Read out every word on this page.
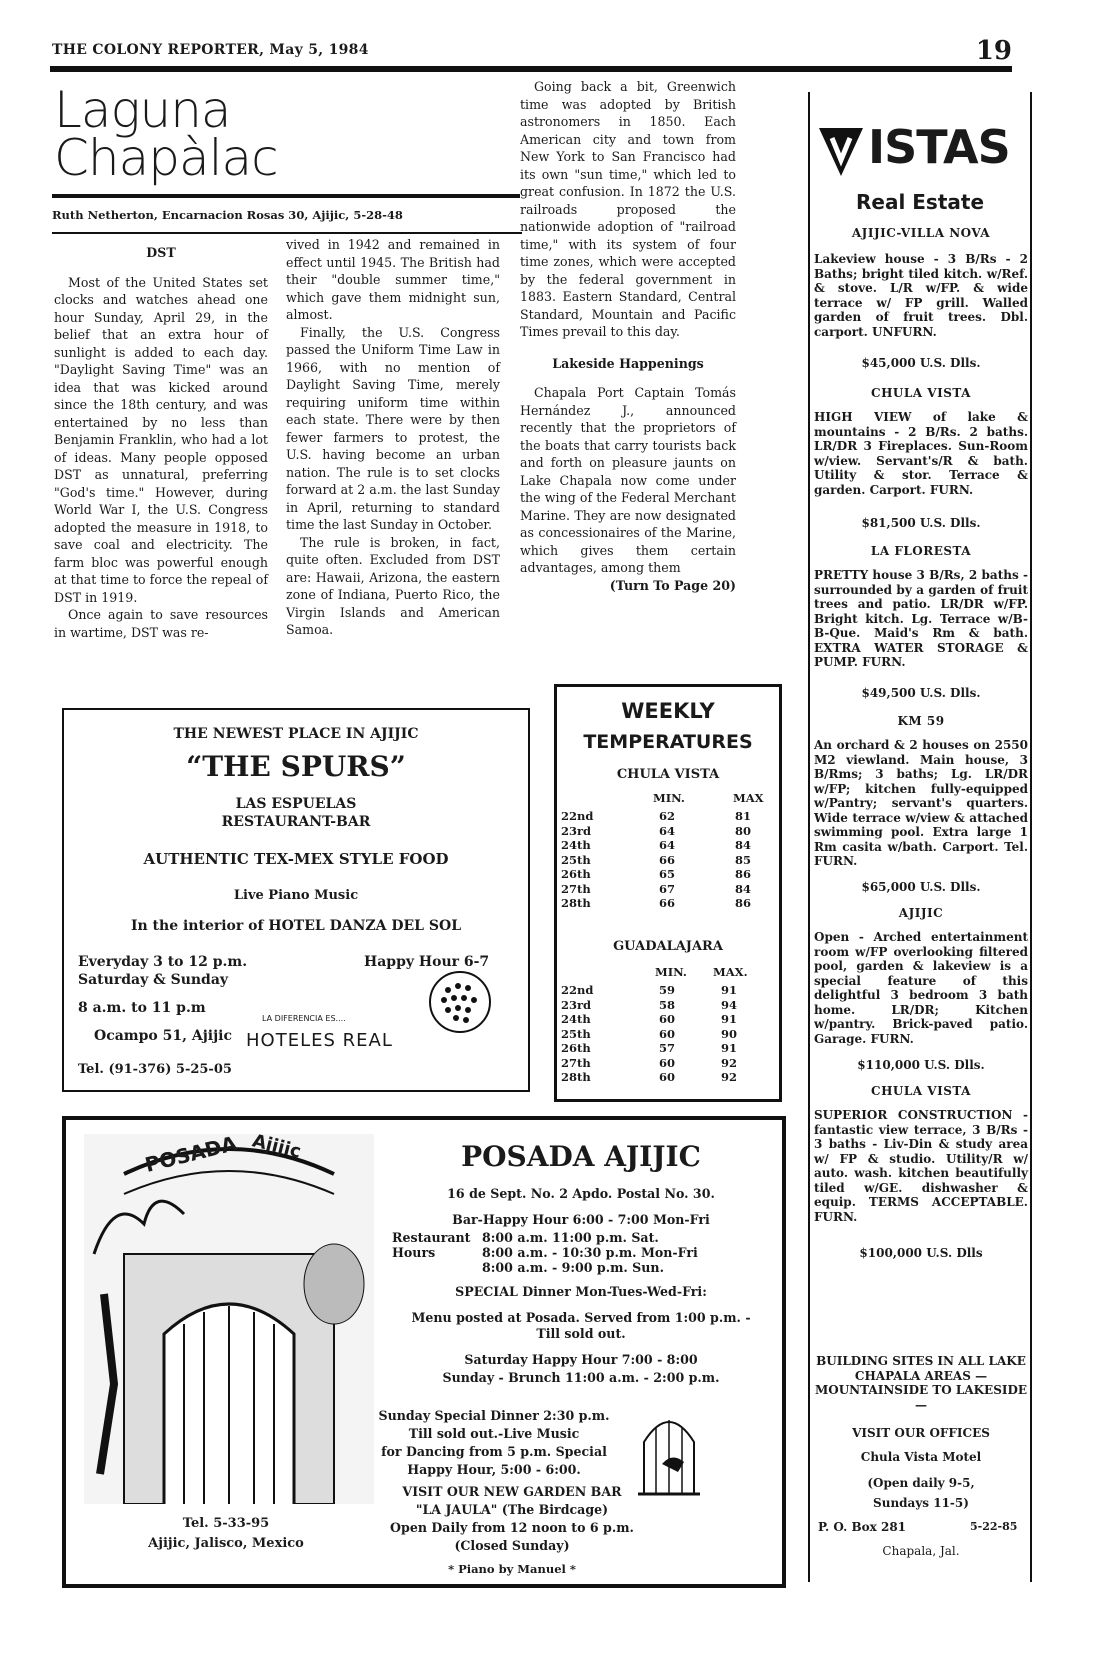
THE COLONY REPORTER, May 5, 1984	19
Laguna
Chapàlac
Ruth Netherton, Encarnacion Rosas 30, Ajijic, 5-28-48

DST

Most of the United States set clocks and watches ahead one hour Sunday, April 29, in the belief that an extra hour of sunlight is added to each day. "Daylight Saving Time" was an idea that was kicked around since the 18th century, and was entertained by no less than Benjamin Franklin, who had a lot of ideas. Many people opposed DST as unnatural, preferring "God's time." However, during World War I, the U.S. Congress adopted the measure in 1918, to save coal and electricity. The farm bloc was powerful enough at that time to force the repeal of DST in 1919.

Once again to save resources in wartime, DST was re-

vived in 1942 and remained in effect until 1945. The British had their "double summer time," which gave them midnight sun, almost.

Finally, the U.S. Congress passed the Uniform Time Law in 1966, with no mention of Daylight Saving Time, merely requiring uniform time within each state. There were by then fewer farmers to protest, the U.S. having become an urban nation. The rule is to set clocks forward at 2 a.m. the last Sunday in April, returning to standard time the last Sunday in October.

The rule is broken, in fact, quite often. Excluded from DST are: Hawaii, Arizona, the eastern zone of Indiana, Puerto Rico, the Virgin Islands and American Samoa.

Going back a bit, Greenwich time was adopted by British astronomers in 1850. Each American city and town from New York to San Francisco had its own "sun time," which led to great confusion. In 1872 the U.S. railroads proposed the nationwide adoption of "railroad time," with its system of four time zones, which were accepted by the federal government in 1883. Eastern Standard, Central Standard, Mountain and Pacific Times prevail to this day.

Lakeside Happenings

Chapala Port Captain Tomás Hernández J., announced recently that the proprietors of the boats that carry tourists back and forth on pleasure jaunts on Lake Chapala now come under the wing of the Federal Merchant Marine. They are now designated as concessionaires of the Marine, which gives them certain advantages, among them

(Turn To Page 20)

THE NEWEST PLACE IN AJIJIC
“THE SPURS”
LAS ESPUELAS
RESTAURANT-BAR
AUTHENTIC TEX-MEX STYLE FOOD
Live Piano Music
In the interior of HOTEL DANZA DEL SOL
Everyday 3 to 12 p.m.
Saturday & Sunday
8 a.m. to 11 p.m
Happy Hour 6-7
Ocampo 51, Ajijic
Tel. (91-376) 5-25-05
LA DIFERENCIA ES....
HOTELES REAL
WEEKLY
TEMPERATURES
CHULA VISTA
MIN.	MAX
22nd	62	81
23rd	64	80
24th	64	84
25th	66	85
26th	65	86
27th	67	84
28th	66	86
GUADALAJARA
MIN. MAX.
22nd	59	91
23rd	58	94
24th	60	91
25th	60	90
26th	57	91
27th	60	92
28th	60	92
ISTAS
Real Estate
AJIJIC-VILLA NOVA
Lakeview house - 3 B/Rs - 2 Baths; bright tiled kitch. w/Ref. & stove. L/R w/FP. & wide terrace w/ FP grill. Walled garden of fruit trees. Dbl. carport. UNFURN.
$45,000 U.S. Dlls.
CHULA VISTA
HIGH VIEW of lake & mountains - 2 B/Rs. 2 baths. LR/DR 3 Fireplaces. Sun-Room w/view. Servant's/R & bath. Utility & stor. Terrace & garden. Carport. FURN.
$81,500 U.S. Dlls.
LA FLORESTA
PRETTY house 3 B/Rs, 2 baths - surrounded by a garden of fruit trees and patio. LR/DR w/FP. Bright kitch. Lg. Terrace w/B-B-Que. Maid's Rm & bath. EXTRA WATER STORAGE & PUMP. FURN.
$49,500 U.S. Dlls.
KM 59
An orchard & 2 houses on 2550 M2 viewland. Main house, 3 B/Rms; 3 baths; Lg. LR/DR w/FP; kitchen fully-equipped w/Pantry; servant's quarters. Wide terrace w/view & attached swimming pool. Extra large 1 Rm casita w/bath. Carport. Tel. FURN.
$65,000 U.S. Dlls.
AJIJIC
Open - Arched entertainment room w/FP overlooking filtered pool, garden & lakeview is a special feature of this delightful 3 bedroom 3 bath home. LR/DR; Kitchen w/pantry. Brick-paved patio. Garage. FURN.
$110,000 U.S. Dlls.
CHULA VISTA
SUPERIOR CONSTRUCTION - fantastic view terrace, 3 B/Rs - 3 baths - Liv-Din & study area w/ FP & studio. Utility/R w/ auto. wash. kitchen beautifully tiled w/GE. dishwasher & equip. TERMS ACCEPTABLE. FURN.
$100,000 U.S. Dlls
BUILDING SITES IN ALL LAKE CHAPALA AREAS — MOUNTAINSIDE TO LAKESIDE —
VISIT OUR OFFICES
Chula Vista Motel
(Open daily 9-5,
Sundays 11-5)
P. O. Box 281	5-22-85
Chapala, Jal.
POSADA Ajijic
Tel. 5-33-95
Ajijic, Jalisco, Mexico
POSADA AJIJIC
16 de Sept. No. 2 Apdo. Postal No. 30.
Bar-Happy Hour 6:00 - 7:00 Mon-Fri
Restaurant
Hours
8:00 a.m. 11:00 p.m. Sat.
8:00 a.m. - 10:30 p.m. Mon-Fri
8:00 a.m. - 9:00 p.m. Sun.
SPECIAL Dinner Mon-Tues-Wed-Fri:
Menu posted at Posada. Served from 1:00 p.m. -
Till sold out.
Saturday Happy Hour 7:00 - 8:00
Sunday - Brunch 11:00 a.m. - 2:00 p.m.
Sunday Special Dinner 2:30 p.m.
Till sold out.-Live Music
for Dancing from 5 p.m. Special
Happy Hour, 5:00 - 6:00.
VISIT OUR NEW GARDEN BAR
"LA JAULA" (The Birdcage)
Open Daily from 12 noon to 6 p.m.
(Closed Sunday)
* Piano by Manuel *
